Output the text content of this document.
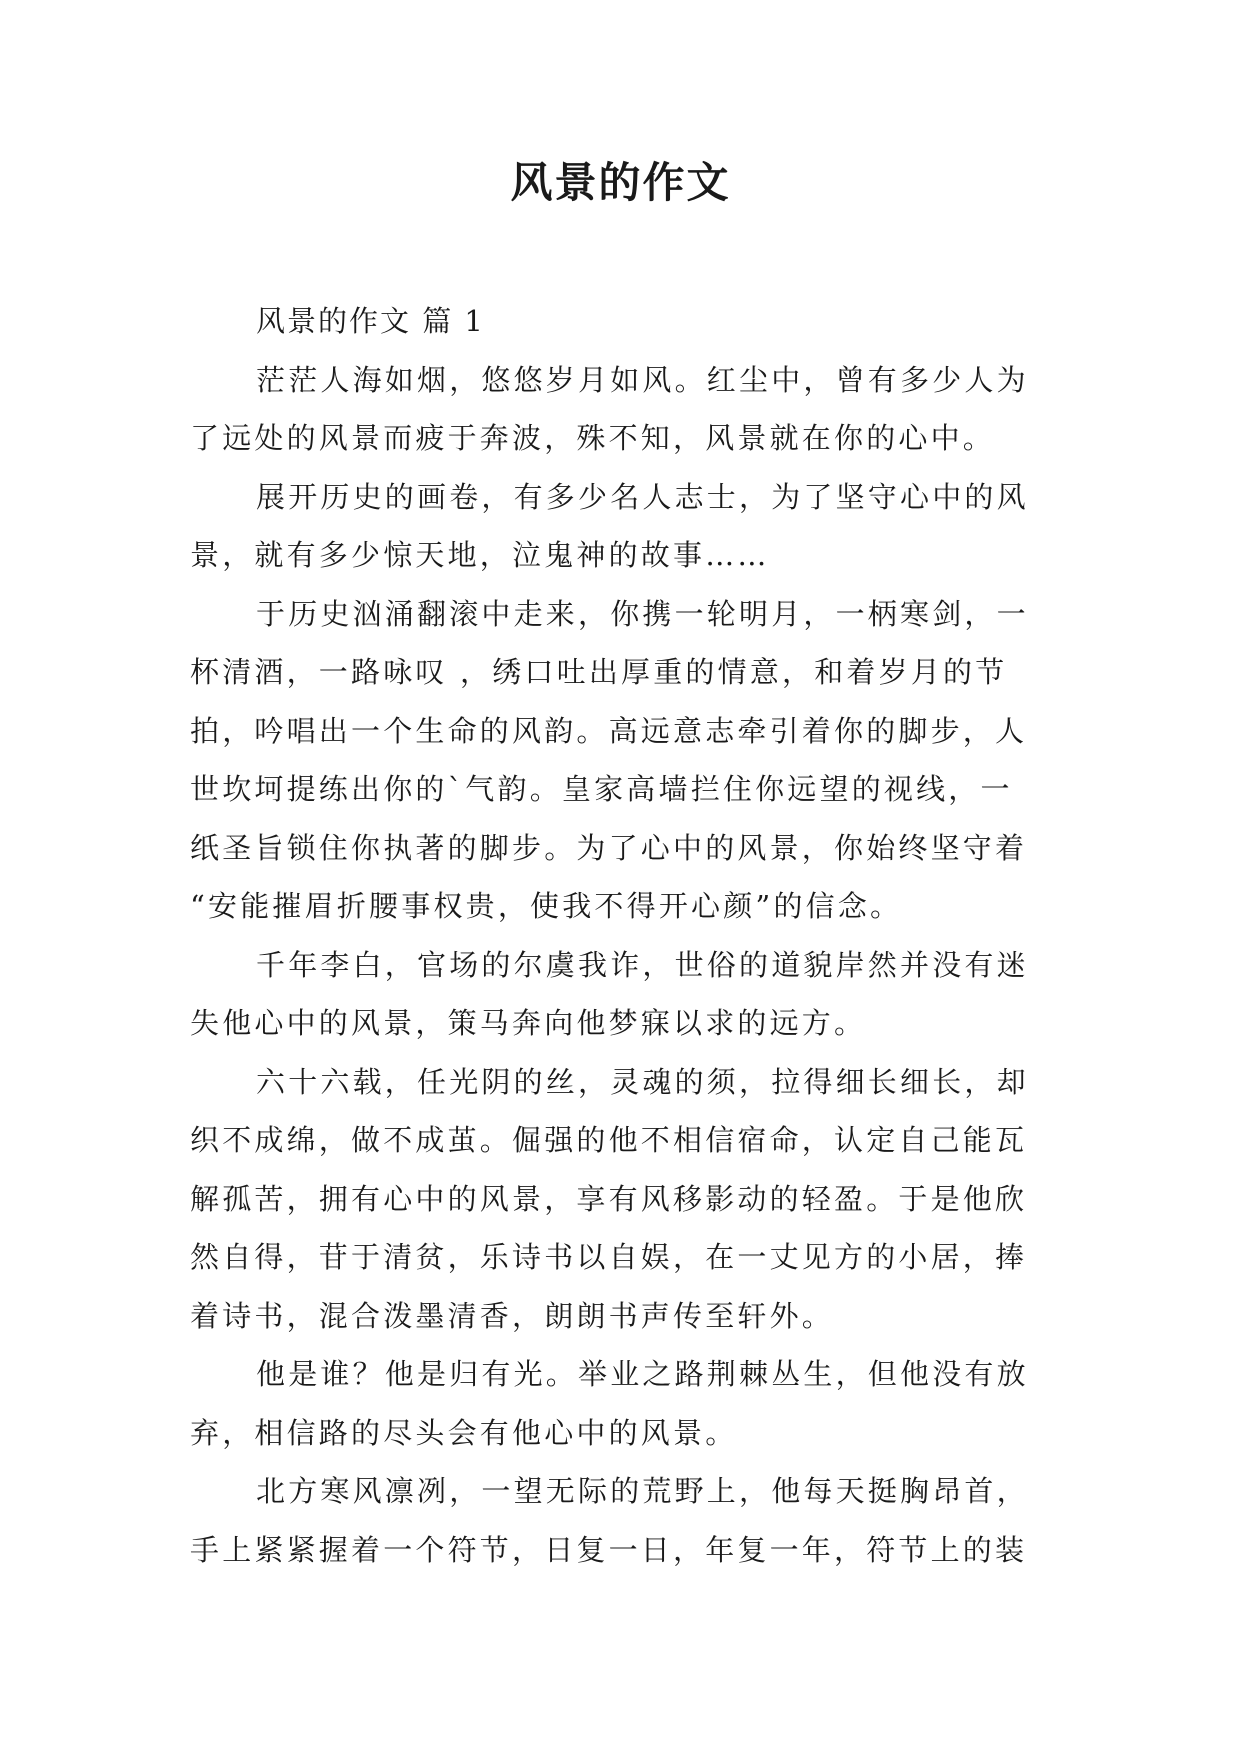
风景的作文
风景的作文 篇 1
茫茫人海如烟，悠悠岁月如风。红尘中，曾有多少人为
了远处的风景而疲于奔波，殊不知，风景就在你的心中。
展开历史的画卷，有多少名人志士，为了坚守心中的风
景，就有多少惊天地，泣鬼神的故事……
于历史汹涌翻滚中走来，你携一轮明月，一柄寒剑，一
杯清酒，一路咏叹 ，绣口吐出厚重的情意，和着岁月的节
拍，吟唱出一个生命的风韵。高远意志牵引着你的脚步，人
世坎坷提练出你的`气韵。皇家高墙拦住你远望的视线，一
纸圣旨锁住你执著的脚步。为了心中的风景，你始终坚守着
“安能摧眉折腰事权贵，使我不得开心颜”的信念。
千年李白，官场的尔虞我诈，世俗的道貌岸然并没有迷
失他心中的风景，策马奔向他梦寐以求的远方。
六十六载，任光阴的丝，灵魂的须，拉得细长细长，却
织不成绵，做不成茧。倔强的他不相信宿命，认定自己能瓦
解孤苦，拥有心中的风景，享有风移影动的轻盈。于是他欣
然自得，苷于清贫，乐诗书以自娱，在一丈见方的小居，捧
着诗书，混合泼墨清香，朗朗书声传至轩外。
他是谁？他是归有光。举业之路荆棘丛生，但他没有放
弃，相信路的尽头会有他心中的风景。
北方寒风凛冽，一望无际的荒野上，他每天挺胸昂首，
手上紧紧握着一个符节，日复一日，年复一年，符节上的装
